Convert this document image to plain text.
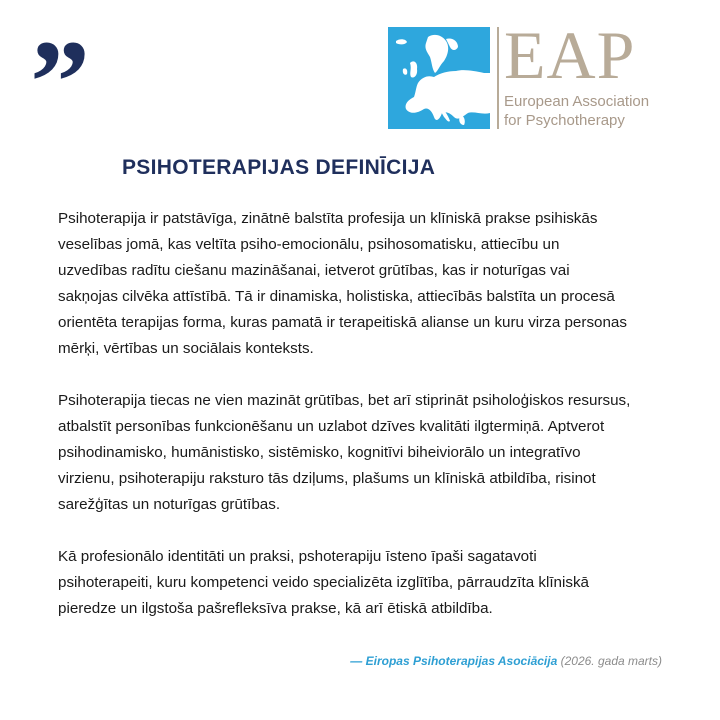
”	EAP
European Association
for Psychotherapy
PSIHOTERAPIJAS DEFINĪCIJA

Psihoterapija ir patstāvīga, zinātnē balstīta profesija un klīniskā prakse psihiskās
veselības jomā, kas veltīta psiho-emocionālu, psihosomatisku, attiecību un
uzvedības radītu ciešanu mazināšanai, ietverot grūtības, kas ir noturīgas vai
sakņojas cilvēka attīstībā. Tā ir dinamiska, holistiska, attiecībās balstīta un procesā
orientēta terapijas forma, kuras pamatā ir terapeitiskā alianse un kuru virza personas
mērķi, vērtības un sociālais konteksts.

Psihoterapija tiecas ne vien mazināt grūtības, bet arī stiprināt psiholoģiskos resursus,
atbalstīt personības funkcionēšanu un uzlabot dzīves kvalitāti ilgtermiņā. Aptverot
psihodinamisko, humānistisko, sistēmisko, kognitīvi biheiviorālo un integratīvo
virzienu, psihoterapiju raksturo tās dziļums, plašums un klīniskā atbildība, risinot
sarežģītas un noturīgas grūtības.

Kā profesionālo identitāti un praksi, pshoterapiju īsteno īpaši sagatavoti
psihoterapeiti, kuru kompetenci veido specializēta izglītība, pārraudzīta klīniskā
pieredze un ilgstoša pašrefleksīva prakse, kā arī ētiskā atbildība.

— Eiropas Psihoterapijas Asociācija (2026. gada marts)
